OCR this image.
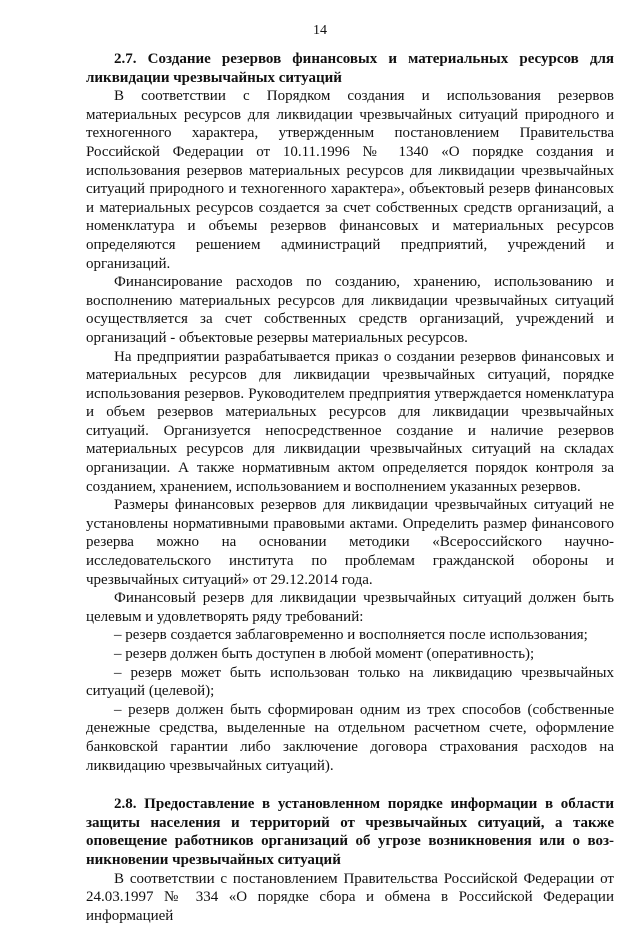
14

2.7. Создание резервов финансовых и материальных ресурсов для ликвидации чрезвычайных ситуаций

В соответствии с Порядком создания и использования резервов материальных ресурсов для ликвидации чрезвычайных ситуаций природного и техногенного характера, утвержденным постановлением Правительства Российской Федерации от 10.11.1996 № 1340 «О порядке создания и использования резервов материальных ресурсов для ликвидации чрезвычайных ситуаций природного и техногенного характера», объектовый резерв финансовых и материальных ресурсов создается за счет собственных средств организаций, а номенклатура и объемы резервов финансовых и материальных ресурсов определяются решением администраций предприятий, учреждений и организаций.

Финансирование расходов по созданию, хранению, использованию и восполнению материальных ресурсов для ликвидации чрезвычайных ситуаций осуществляется за счет собственных средств организаций, учреждений и организаций - объектовые резервы материальных ресурсов.

На предприятии разрабатывается приказ о создании резервов финансовых и материальных ресурсов для ликвидации чрезвычайных ситуаций, порядке использования резервов. Руководителем предприятия утверждается номенклатура и объем резервов материальных ресурсов для ликвидации чрезвычайных ситуаций. Организуется непосредственное создание и наличие резервов материальных ресурсов для ликвидации чрезвычайных ситуаций на складах организации. А также нормативным актом определяется порядок контроля за созданием, хранением, использованием и восполнением указанных резервов.

Размеры финансовых резервов для ликвидации чрезвычайных ситуаций не установлены нормативными правовыми актами. Определить размер финансового резерва можно на основании методики «Всероссийского научно-исследовательского института по проблемам гражданской обороны и чрезвычайных ситуаций» от 29.12.2014 года.

Финансовый резерв для ликвидации чрезвычайных ситуаций должен быть целевым и удовлетворять ряду требований:

– резерв создается заблаговременно и восполняется после использования;
– резерв должен быть доступен в любой момент (оперативность);
– резерв может быть использован только на ликвидацию чрезвычайных ситуаций (целевой);
– резерв должен быть сформирован одним из трех способов (собственные денежные средства, выделенные на отдельном расчетном счете, оформление банковской гарантии либо заключение договора страхования расходов на ликвидацию чрезвычайных ситуаций).

2.8. Предоставление в установленном порядке информации в области защиты населения и территорий от чрезвычайных ситуаций, а также оповещение работников организаций об угрозе возникновения или о воз-никновении чрезвычайных ситуаций

В соответствии с постановлением Правительства Российской Федерации от 24.03.1997 № 334 «О порядке сбора и обмена в Российской Федерации информацией
